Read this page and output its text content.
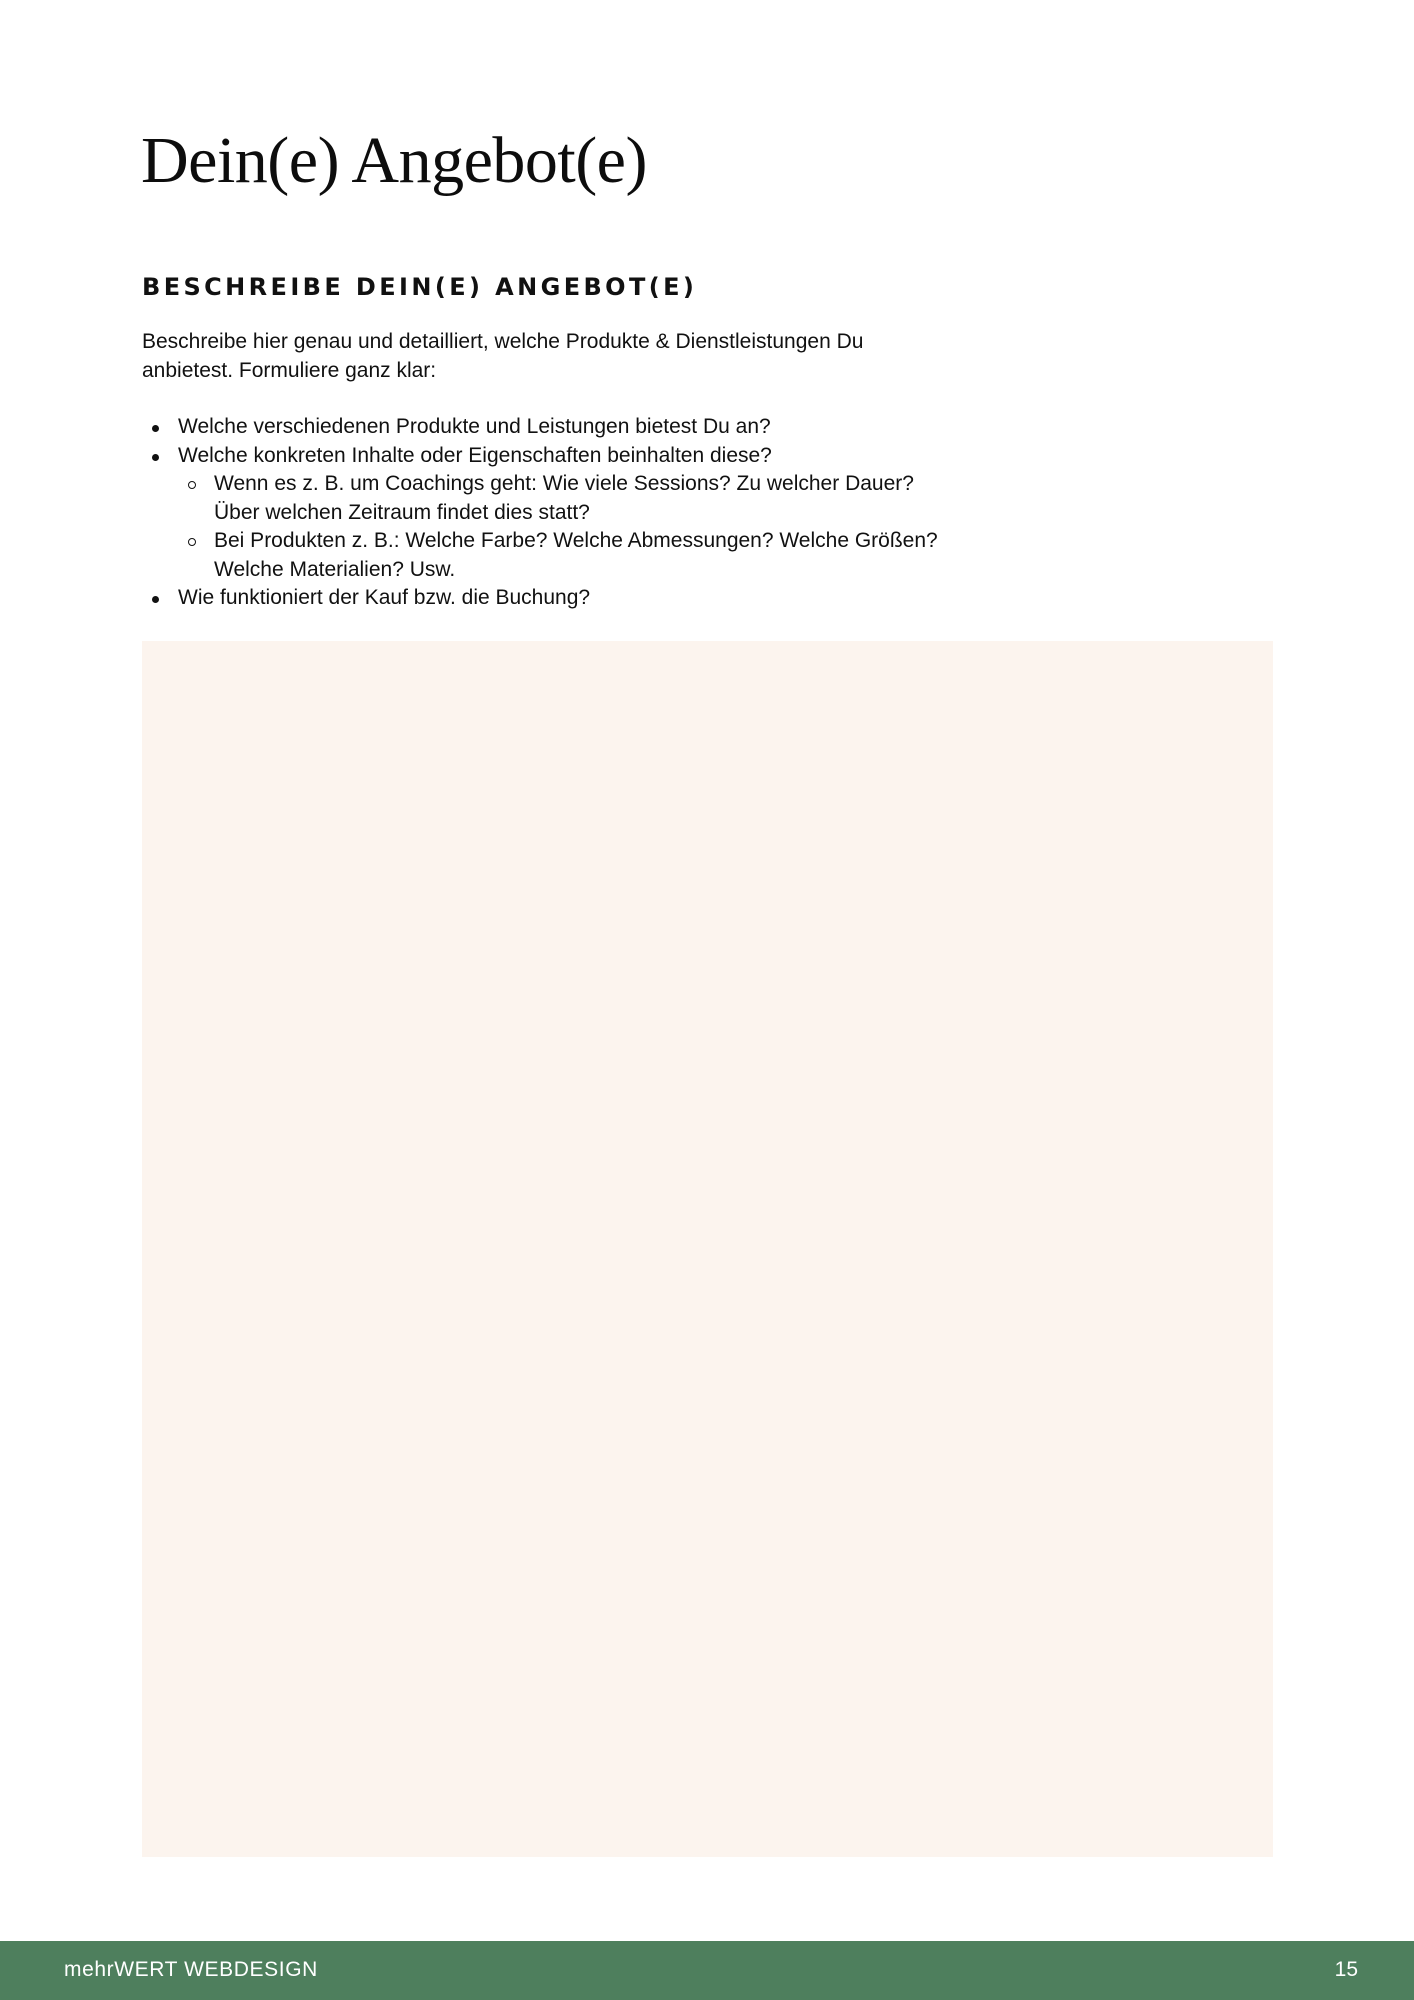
Dein(e) Angebot(e)
BESCHREIBE DEIN(E) ANGEBOT(E)

Beschreibe hier genau und detailliert, welche Produkte & Dienstleistungen Du
anbietest. Formuliere ganz klar:

Welche verschiedenen Produkte und Leistungen bietest Du an?
Welche konkreten Inhalte oder Eigenschaften beinhalten diese?
Wenn es z. B. um Coachings geht: Wie viele Sessions? Zu welcher Dauer?
Über welchen Zeitraum findet dies statt?
Bei Produkten z. B.: Welche Farbe? Welche Abmessungen? Welche Größen?
Welche Materialien? Usw.
Wie funktioniert der Kauf bzw. die Buchung?
mehrWERT WEBDESIGN	15
